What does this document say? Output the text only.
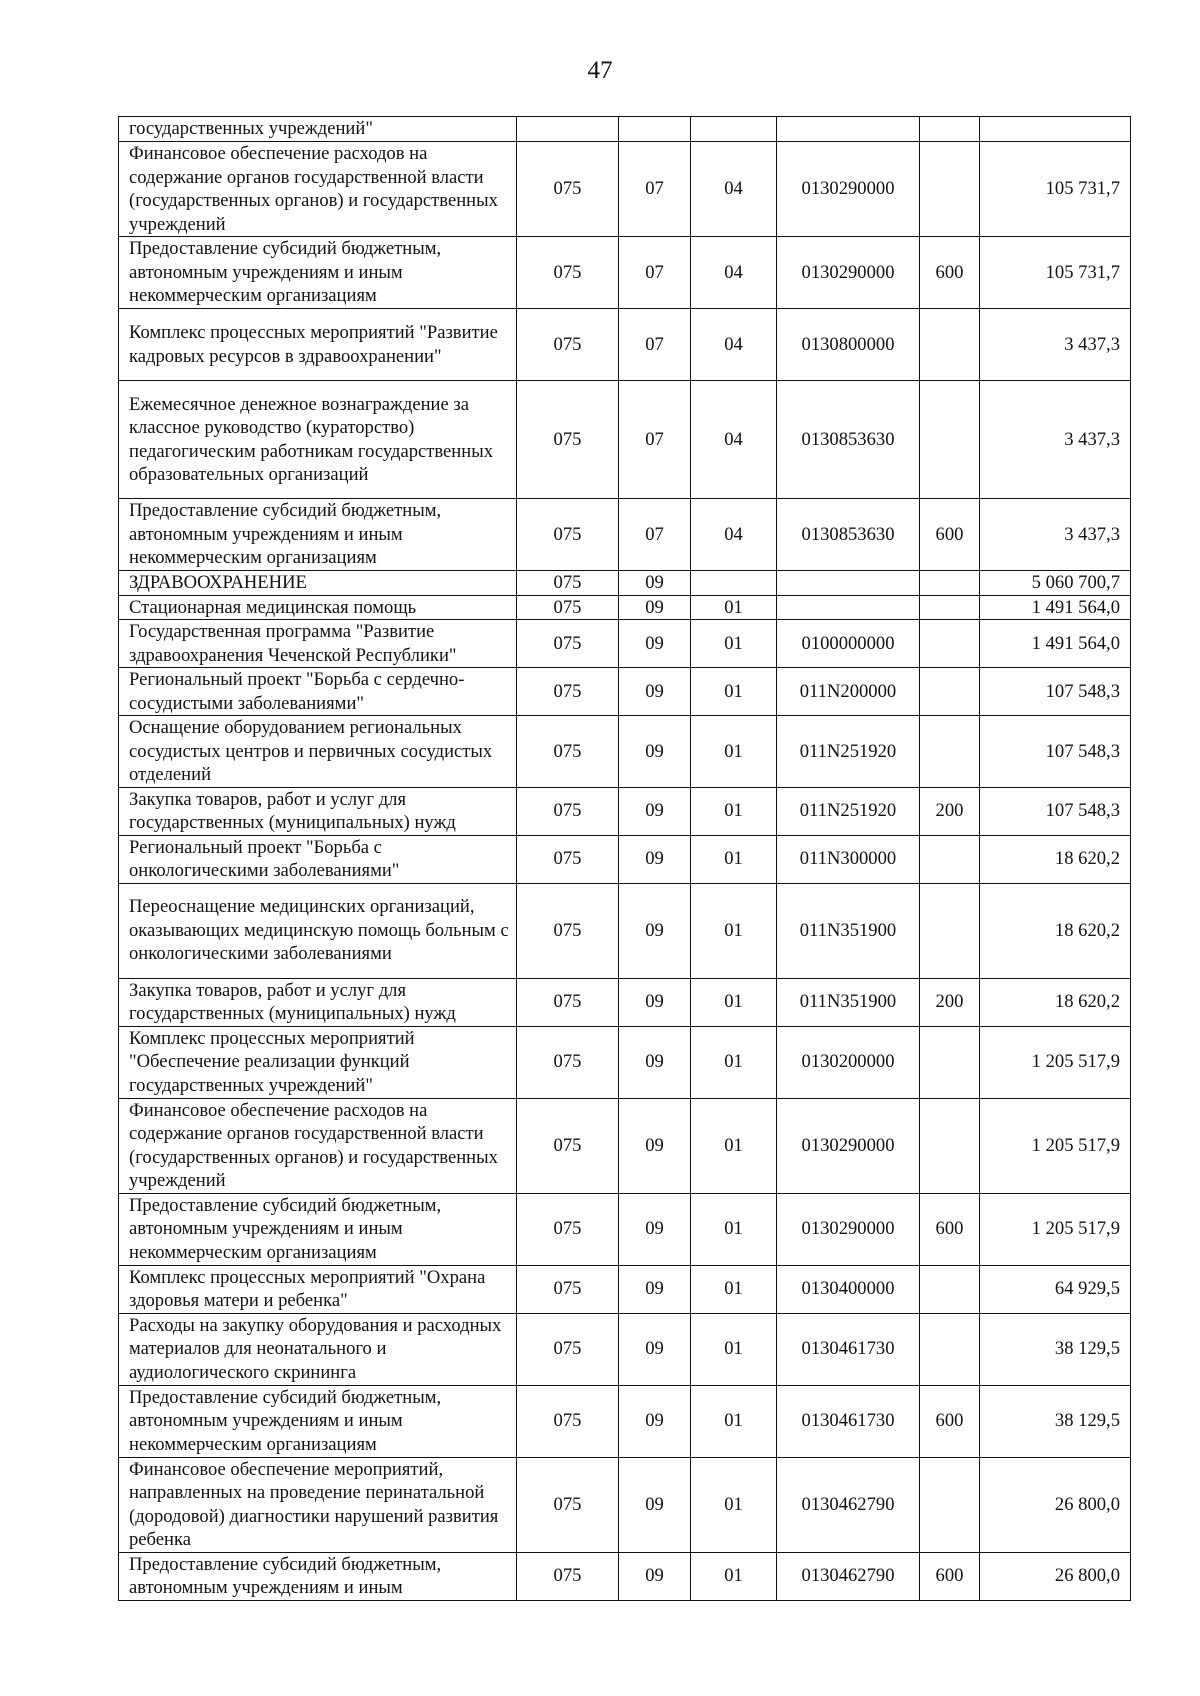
47
государственных учреждений"						
Финансовое обеспечение расходов на содержание органов государственной власти (государственных органов) и государственных учреждений	075	07	04	0130290000		105 731,7
Предоставление субсидий бюджетным, автономным учреждениям и иным некоммерческим организациям	075	07	04	0130290000	600	105 731,7
Комплекс процессных мероприятий "Развитие кадровых ресурсов в здравоохранении"	075	07	04	0130800000		3 437,3
Ежемесячное денежное вознаграждение за классное руководство (кураторство) педагогическим работникам государственных образовательных организаций	075	07	04	0130853630		3 437,3
Предоставление субсидий бюджетным, автономным учреждениям и иным некоммерческим организациям	075	07	04	0130853630	600	3 437,3
ЗДРАВООХРАНЕНИЕ	075	09				5 060 700,7
Стационарная медицинская помощь	075	09	01			1 491 564,0
Государственная программа "Развитие здравоохранения Чеченской Республики"	075	09	01	0100000000		1 491 564,0
Региональный проект "Борьба с сердечно-сосудистыми заболеваниями"	075	09	01	011N200000		107 548,3
Оснащение оборудованием региональных сосудистых центров и первичных сосудистых отделений	075	09	01	011N251920		107 548,3
Закупка товаров, работ и услуг для государственных (муниципальных) нужд	075	09	01	011N251920	200	107 548,3
Региональный проект "Борьба с онкологическими заболеваниями"	075	09	01	011N300000		18 620,2
Переоснащение медицинских организаций, оказывающих медицинскую помощь больным с онкологическими заболеваниями	075	09	01	011N351900		18 620,2
Закупка товаров, работ и услуг для государственных (муниципальных) нужд	075	09	01	011N351900	200	18 620,2
Комплекс процессных мероприятий "Обеспечение реализации функций государственных учреждений"	075	09	01	0130200000		1 205 517,9
Финансовое обеспечение расходов на содержание органов государственной власти (государственных органов) и государственных учреждений	075	09	01	0130290000		1 205 517,9
Предоставление субсидий бюджетным, автономным учреждениям и иным некоммерческим организациям	075	09	01	0130290000	600	1 205 517,9
Комплекс процессных мероприятий "Охрана здоровья матери и ребенка"	075	09	01	0130400000		64 929,5
Расходы на закупку оборудования и расходных материалов для неонатального и аудиологического скрининга	075	09	01	0130461730		38 129,5
Предоставление субсидий бюджетным, автономным учреждениям и иным некоммерческим организациям	075	09	01	0130461730	600	38 129,5
Финансовое обеспечение мероприятий, направленных на проведение перинатальной (дородовой) диагностики нарушений развития ребенка	075	09	01	0130462790		26 800,0
Предоставление субсидий бюджетным, автономным учреждениям и иным	075	09	01	0130462790	600	26 800,0
